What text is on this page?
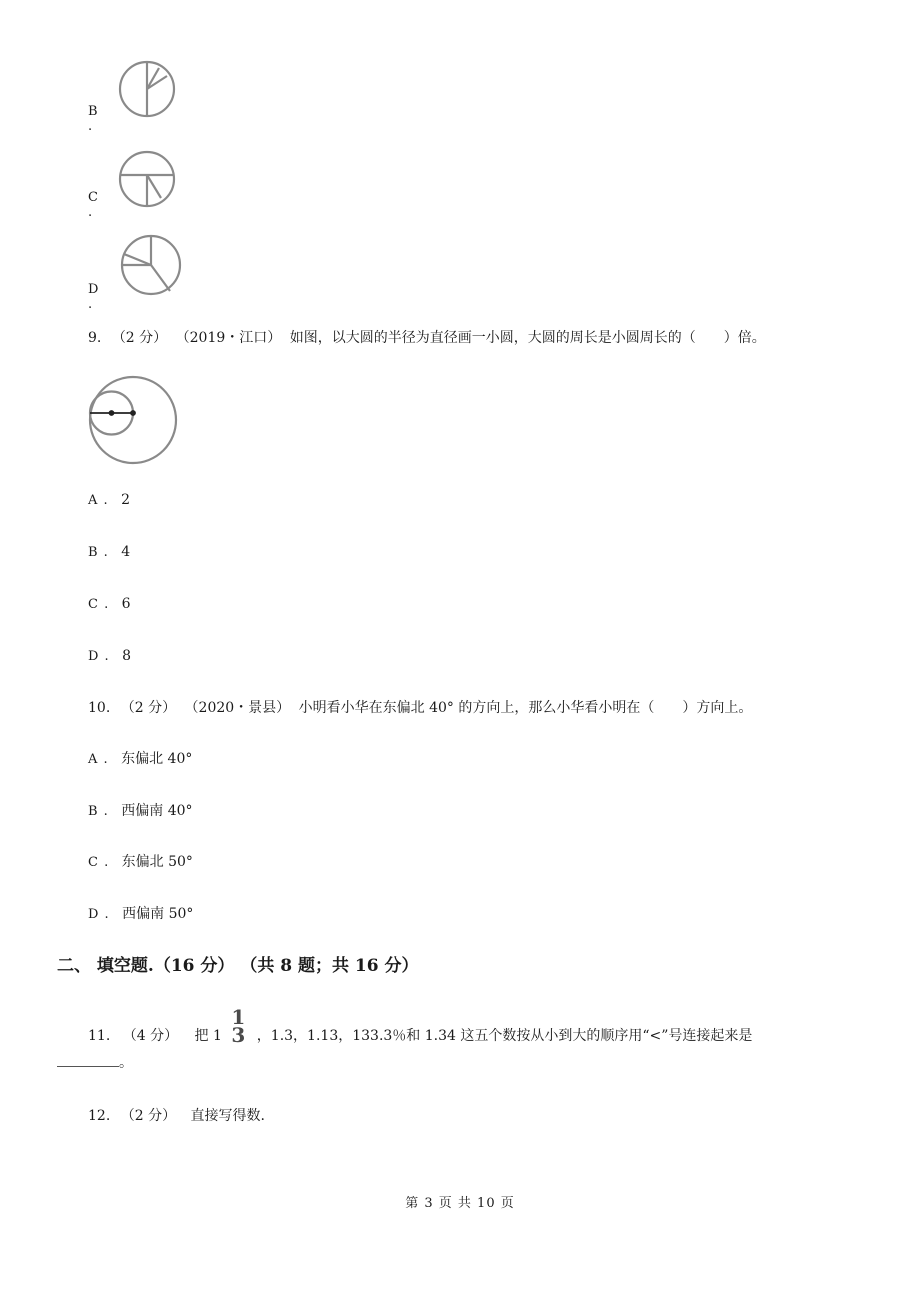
B .
C .
D .
9. （2 分） （2019・江口） 如图，以大圆的半径为直径画一小圆，大圆的周长是小圆周长的（　　）倍。
A . 2
B . 4
C . 6
D . 8
10. （2 分） （2020・景县） 小明看小华在东偏北 40° 的方向上，那么小华看小明在（　　）方向上。
A . 东偏北 40°
B . 西偏南 40°
C . 东偏北 50°
D . 西偏南 50°
二、 填空题.（16 分） （共 8 题；共 16 分）
11. （4 分） 把 1
1
3 ，1.3，1.13，133.3％和 1.34 这五个数按从小到大的顺序用“<”号连接起来是
。
12. （2 分） 直接写得数.
第 3 页 共 10 页
